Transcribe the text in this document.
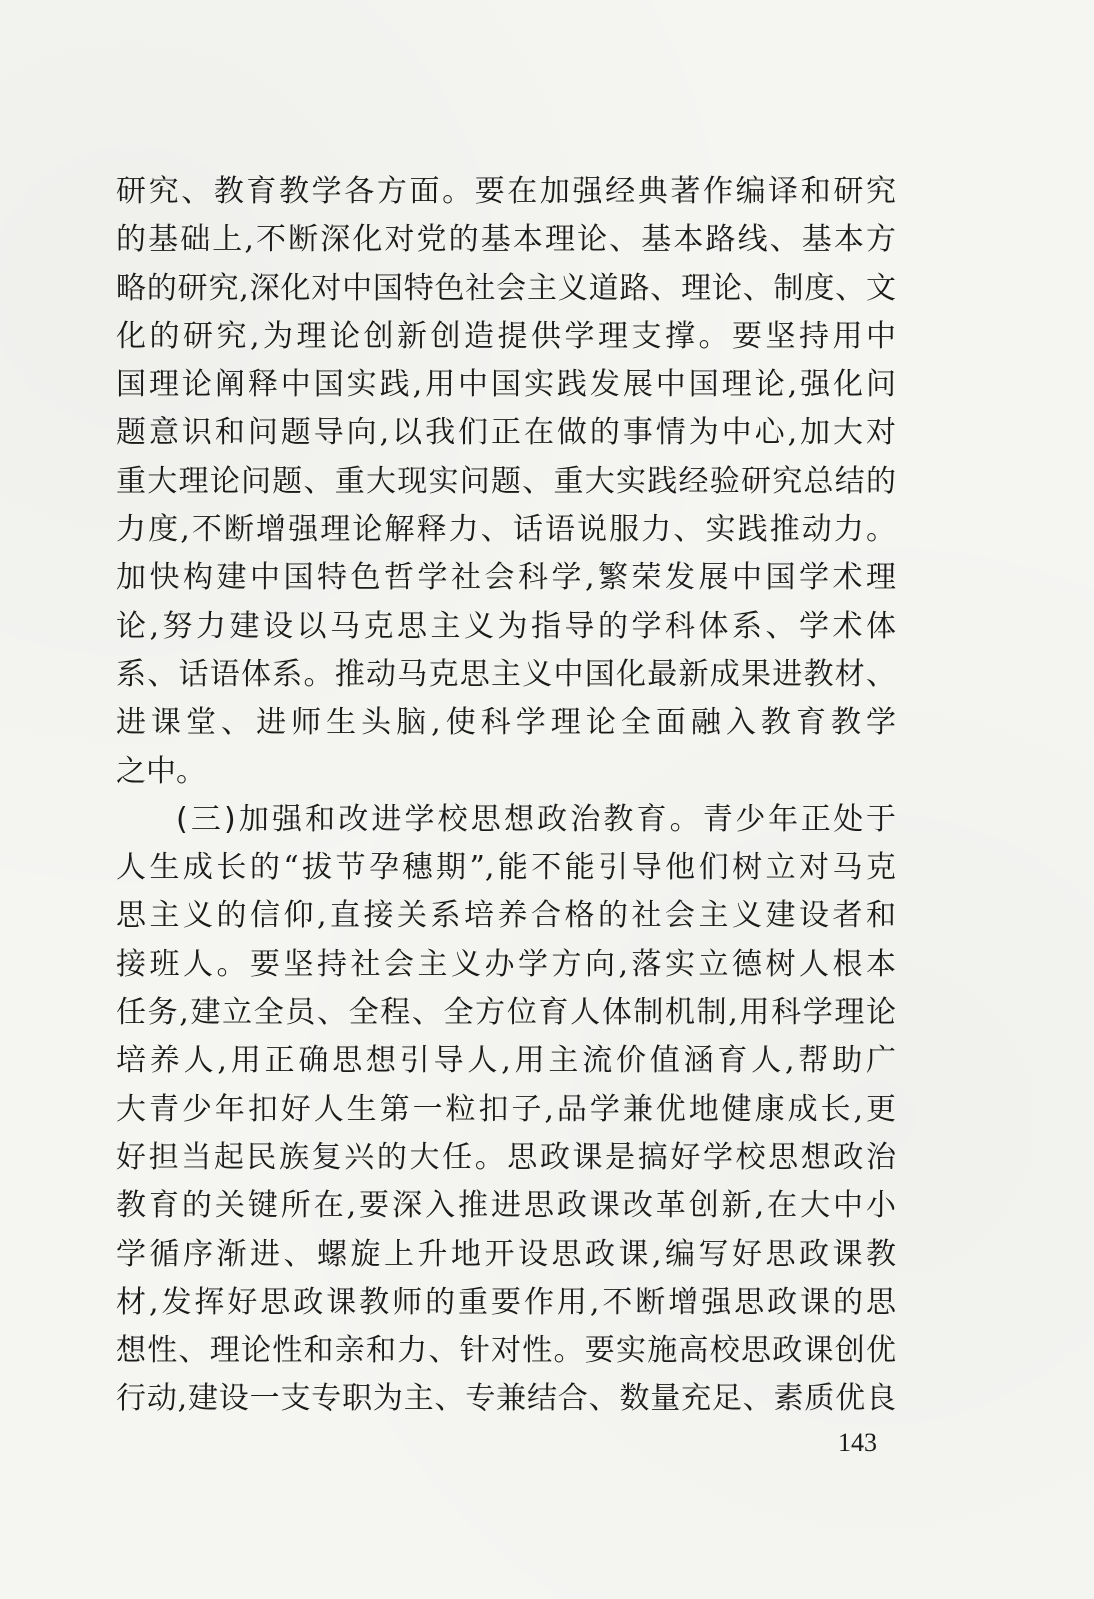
研究、教育教学各方面。要在加强经典著作编译和研究
的基础上,不断深化对党的基本理论、基本路线、基本方
略的研究,深化对中国特色社会主义道路、理论、制度、文
化的研究,为理论创新创造提供学理支撑。要坚持用中
国理论阐释中国实践,用中国实践发展中国理论,强化问
题意识和问题导向,以我们正在做的事情为中心,加大对
重大理论问题、重大现实问题、重大实践经验研究总结的
力度,不断增强理论解释力、话语说服力、实践推动力。
加快构建中国特色哲学社会科学,繁荣发展中国学术理
论,努力建设以马克思主义为指导的学科体系、学术体
系、话语体系。推动马克思主义中国化最新成果进教材、
进课堂、进师生头脑,使科学理论全面融入教育教学
之中。
(三)加强和改进学校思想政治教育。青少年正处于
人生成长的“拔节孕穗期”,能不能引导他们树立对马克
思主义的信仰,直接关系培养合格的社会主义建设者和
接班人。要坚持社会主义办学方向,落实立德树人根本
任务,建立全员、全程、全方位育人体制机制,用科学理论
培养人,用正确思想引导人,用主流价值涵育人,帮助广
大青少年扣好人生第一粒扣子,品学兼优地健康成长,更
好担当起民族复兴的大任。思政课是搞好学校思想政治
教育的关键所在,要深入推进思政课改革创新,在大中小
学循序渐进、螺旋上升地开设思政课,编写好思政课教
材,发挥好思政课教师的重要作用,不断增强思政课的思
想性、理论性和亲和力、针对性。要实施高校思政课创优
行动,建设一支专职为主、专兼结合、数量充足、素质优良
143
